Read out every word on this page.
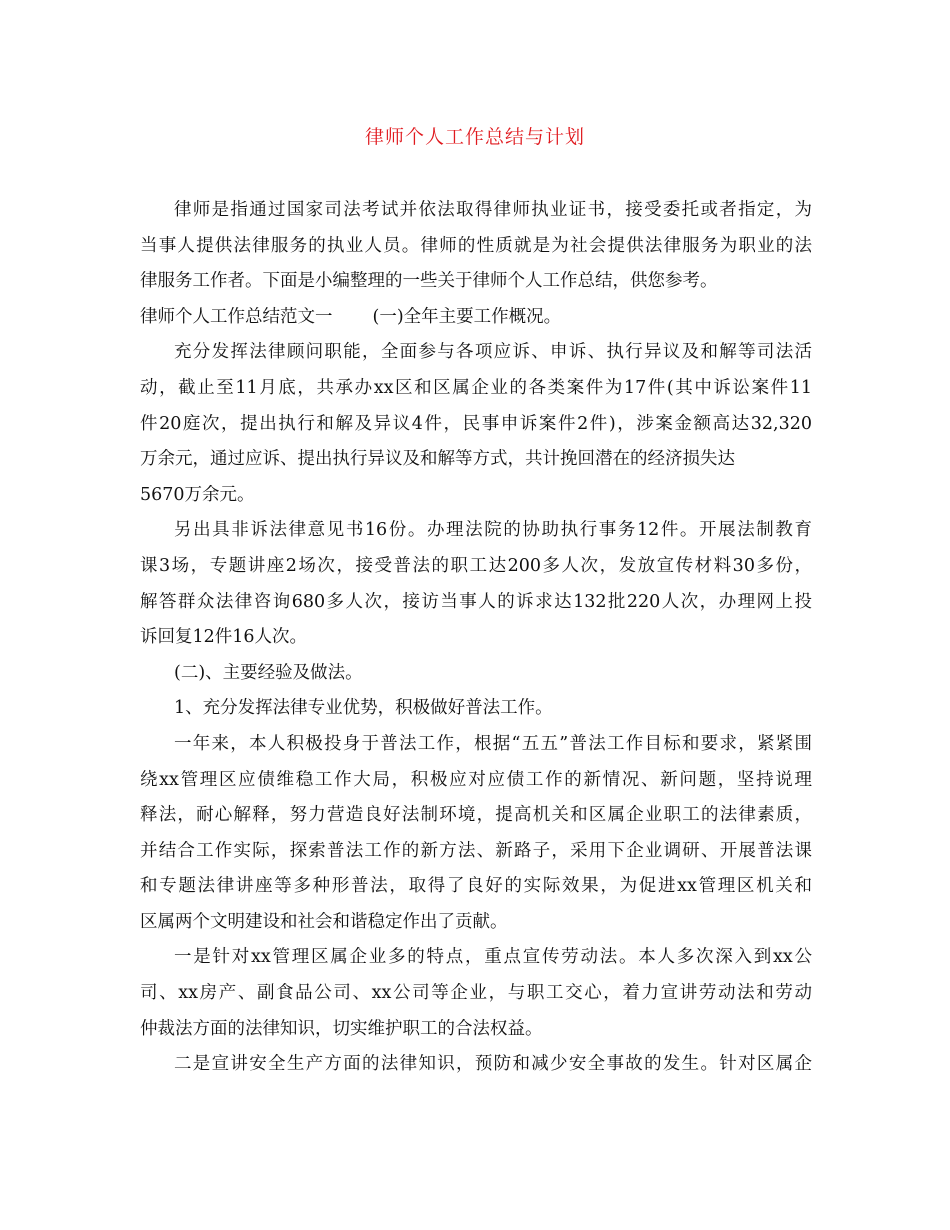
律师个人工作总结与计划
律师是指通过国家司法考试并依法取得律师执业证书，接受委托或者指定，为
当事人提供法律服务的执业人员。律师的性质就是为社会提供法律服务为职业的法
律服务工作者。下面是小编整理的一些关于律师个人工作总结，供您参考。
律师个人工作总结范文一 (一)全年主要工作概况。
充分发挥法律顾问职能，全面参与各项应诉、申诉、执行异议及和解等司法活
动，截止至11月底，共承办xx区和区属企业的各类案件为17件(其中诉讼案件11
件20庭次，提出执行和解及异议4件，民事申诉案件2件)，涉案金额高达32,320
万余元，通过应诉、提出执行异议及和解等方式，共计挽回潜在的经济损失达
5670万余元。
另出具非诉法律意见书16份。办理法院的协助执行事务12件。开展法制教育
课3场，专题讲座2场次，接受普法的职工达200多人次，发放宣传材料30多份，
解答群众法律咨询680多人次，接访当事人的诉求达132批220人次，办理网上投
诉回复12件16人次。
(二)、主要经验及做法。
1、充分发挥法律专业优势，积极做好普法工作。
一年来，本人积极投身于普法工作，根据“五五”普法工作目标和要求，紧紧围
绕xx管理区应债维稳工作大局，积极应对应债工作的新情况、新问题，坚持说理
释法，耐心解释，努力营造良好法制环境，提高机关和区属企业职工的法律素质，
并结合工作实际，探索普法工作的新方法、新路子，采用下企业调研、开展普法课
和专题法律讲座等多种形普法，取得了良好的实际效果，为促进xx管理区机关和
区属两个文明建设和社会和谐稳定作出了贡献。
一是针对xx管理区属企业多的特点，重点宣传劳动法。本人多次深入到xx公
司、xx房产、副食品公司、xx公司等企业，与职工交心，着力宣讲劳动法和劳动
仲裁法方面的法律知识，切实维护职工的合法权益。
二是宣讲安全生产方面的法律知识，预防和减少安全事故的发生。针对区属企
